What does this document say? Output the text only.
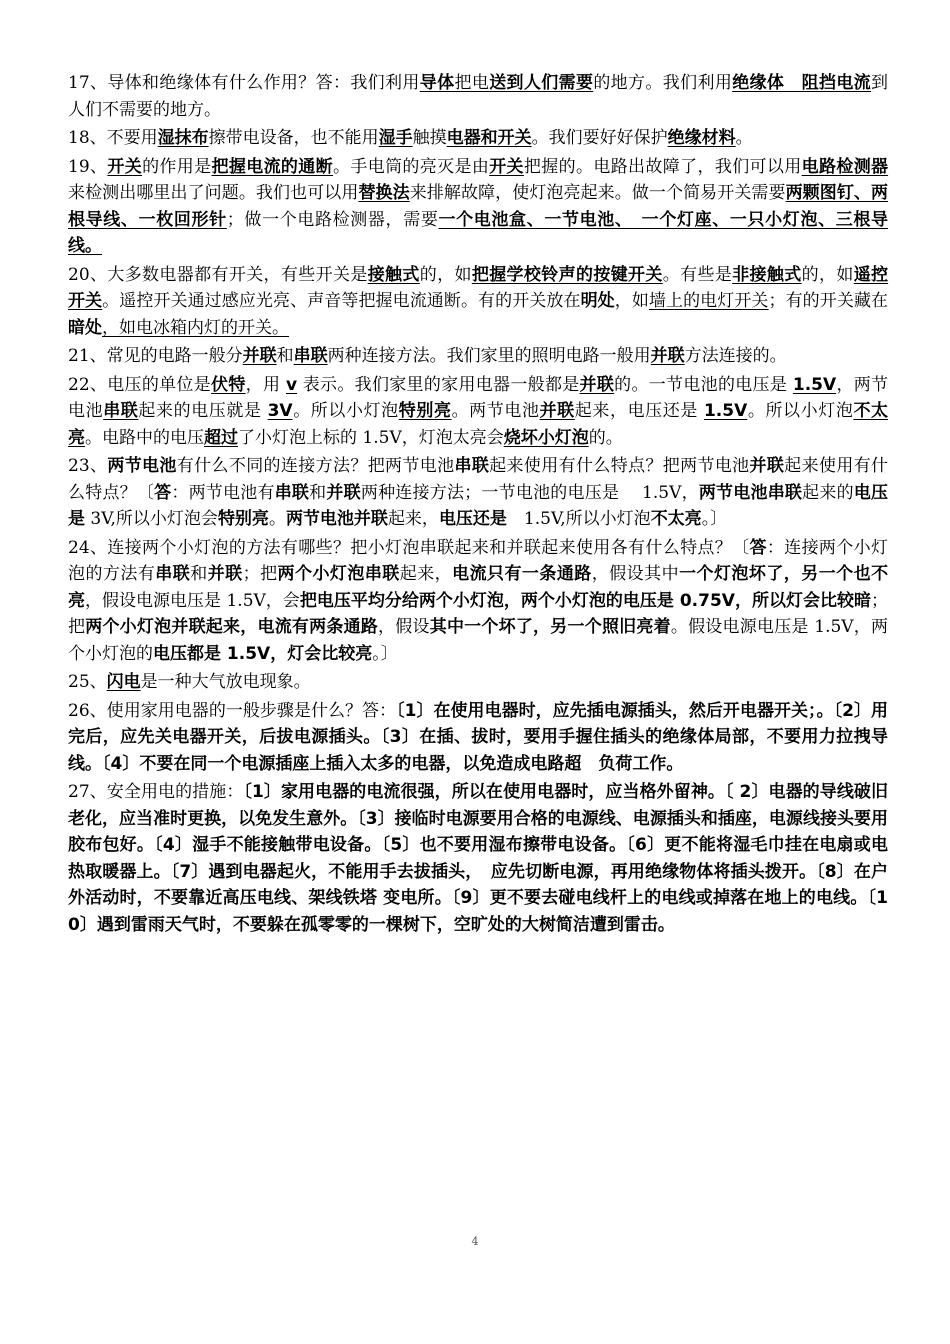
17、导体和绝缘体有什么作用？答：我们利用导体把电送到人们需要的地方。我们利用绝缘体　阻挡电流到人们不需要的地方。

18、不要用湿抹布擦带电设备，也不能用湿手触摸电器和开关。我们要好好保护绝缘材料。

19、开关的作用是把握电流的通断。手电筒的亮灭是由开关把握的。电路出故障了，我们可以用电路检测器来检测出哪里出了问题。我们也可以用替换法来排解故障，使灯泡亮起来。做一个简易开关需要两颗图钉、两根导线、一枚回形针；做一个电路检测器，需要一个电池盒、一节电池、　一个灯座、一只小灯泡、三根导线。

20、大多数电器都有开关，有些开关是接触式的，如把握学校铃声的按键开关。有些是非接触式的，如遥控开关。遥控开关通过感应光亮、声音等把握电流通断。有的开关放在明处，如墙上的电灯开关；有的开关藏在暗处，如电冰箱内灯的开关。

21、常见的电路一般分并联和串联两种连接方法。我们家里的照明电路一般用并联方法连接的。

22、电压的单位是伏特，用 v 表示。我们家里的家用电器一般都是并联的。一节电池的电压是 1.5V，两节电池串联起来的电压就是 3V。所以小灯泡特别亮。两节电池并联起来，电压还是 1.5V。所以小灯泡不太亮。电路中的电压超过了小灯泡上标的 1.5V，灯泡太亮会烧坏小灯泡的。

23、两节电池有什么不同的连接方法？把两节电池串联起来使用有什么特点？把两节电池并联起来使用有什么特点？〔答：两节电池有串联和并联两种连接方法；一节电池的电压是　 1.5V，两节电池串联起来的电压是 3V,所以小灯泡会特别亮。两节电池并联起来，电压还是　1.5V,所以小灯泡不太亮。〕

24、连接两个小灯泡的方法有哪些？把小灯泡串联起来和并联起来使用各有什么特点？〔答：连接两个小灯泡的方法有串联和并联；把两个小灯泡串联起来，电流只有一条通路，假设其中一个灯泡坏了，另一个也不亮，假设电源电压是 1.5V，会把电压平均分给两个小灯泡，两个小灯泡的电压是 0.75V，所以灯会比较暗；把两个小灯泡并联起来，电流有两条通路，假设其中一个坏了，另一个照旧亮着。假设电源电压是 1.5V，两个小灯泡的电压都是 1.5V，灯会比较亮。〕

25、闪电是一种大气放电现象。

26、使用家用电器的一般步骤是什么？答：〔1〕在使用电器时，应先插电源插头，然后开电器开关；。〔2〕用完后，应先关电器开关，后拔电源插头。〔3〕在插、拔时，要用手握住插头的绝缘体局部，不要用力拉拽导线。〔4〕不要在同一个电源插座上插入太多的电器，以免造成电路超　负荷工作。

27、安全用电的措施：〔1〕家用电器的电流很强，所以在使用电器时，应当格外留神。〔 2〕电器的导线破旧老化，应当准时更换，以免发生意外。〔3〕接临时电源要用合格的电源线、电源插头和插座，电源线接头要用胶布包好。〔4〕湿手不能接触带电设备。〔5〕也不要用湿布擦带电设备。〔6〕更不能将湿毛巾挂在电扇或电热取暖器上。〔7〕遇到电器起火，不能用手去拔插头，　应先切断电源，再用绝缘物体将插头拨开。〔8〕在户外活动时，不要靠近高压电线、架线铁塔 变电所。〔9〕更不要去碰电线杆上的电线或掉落在地上的电线。〔10〕遇到雷雨天气时，不要躲在孤零零的一棵树下，空旷处的大树简洁遭到雷击。

4
